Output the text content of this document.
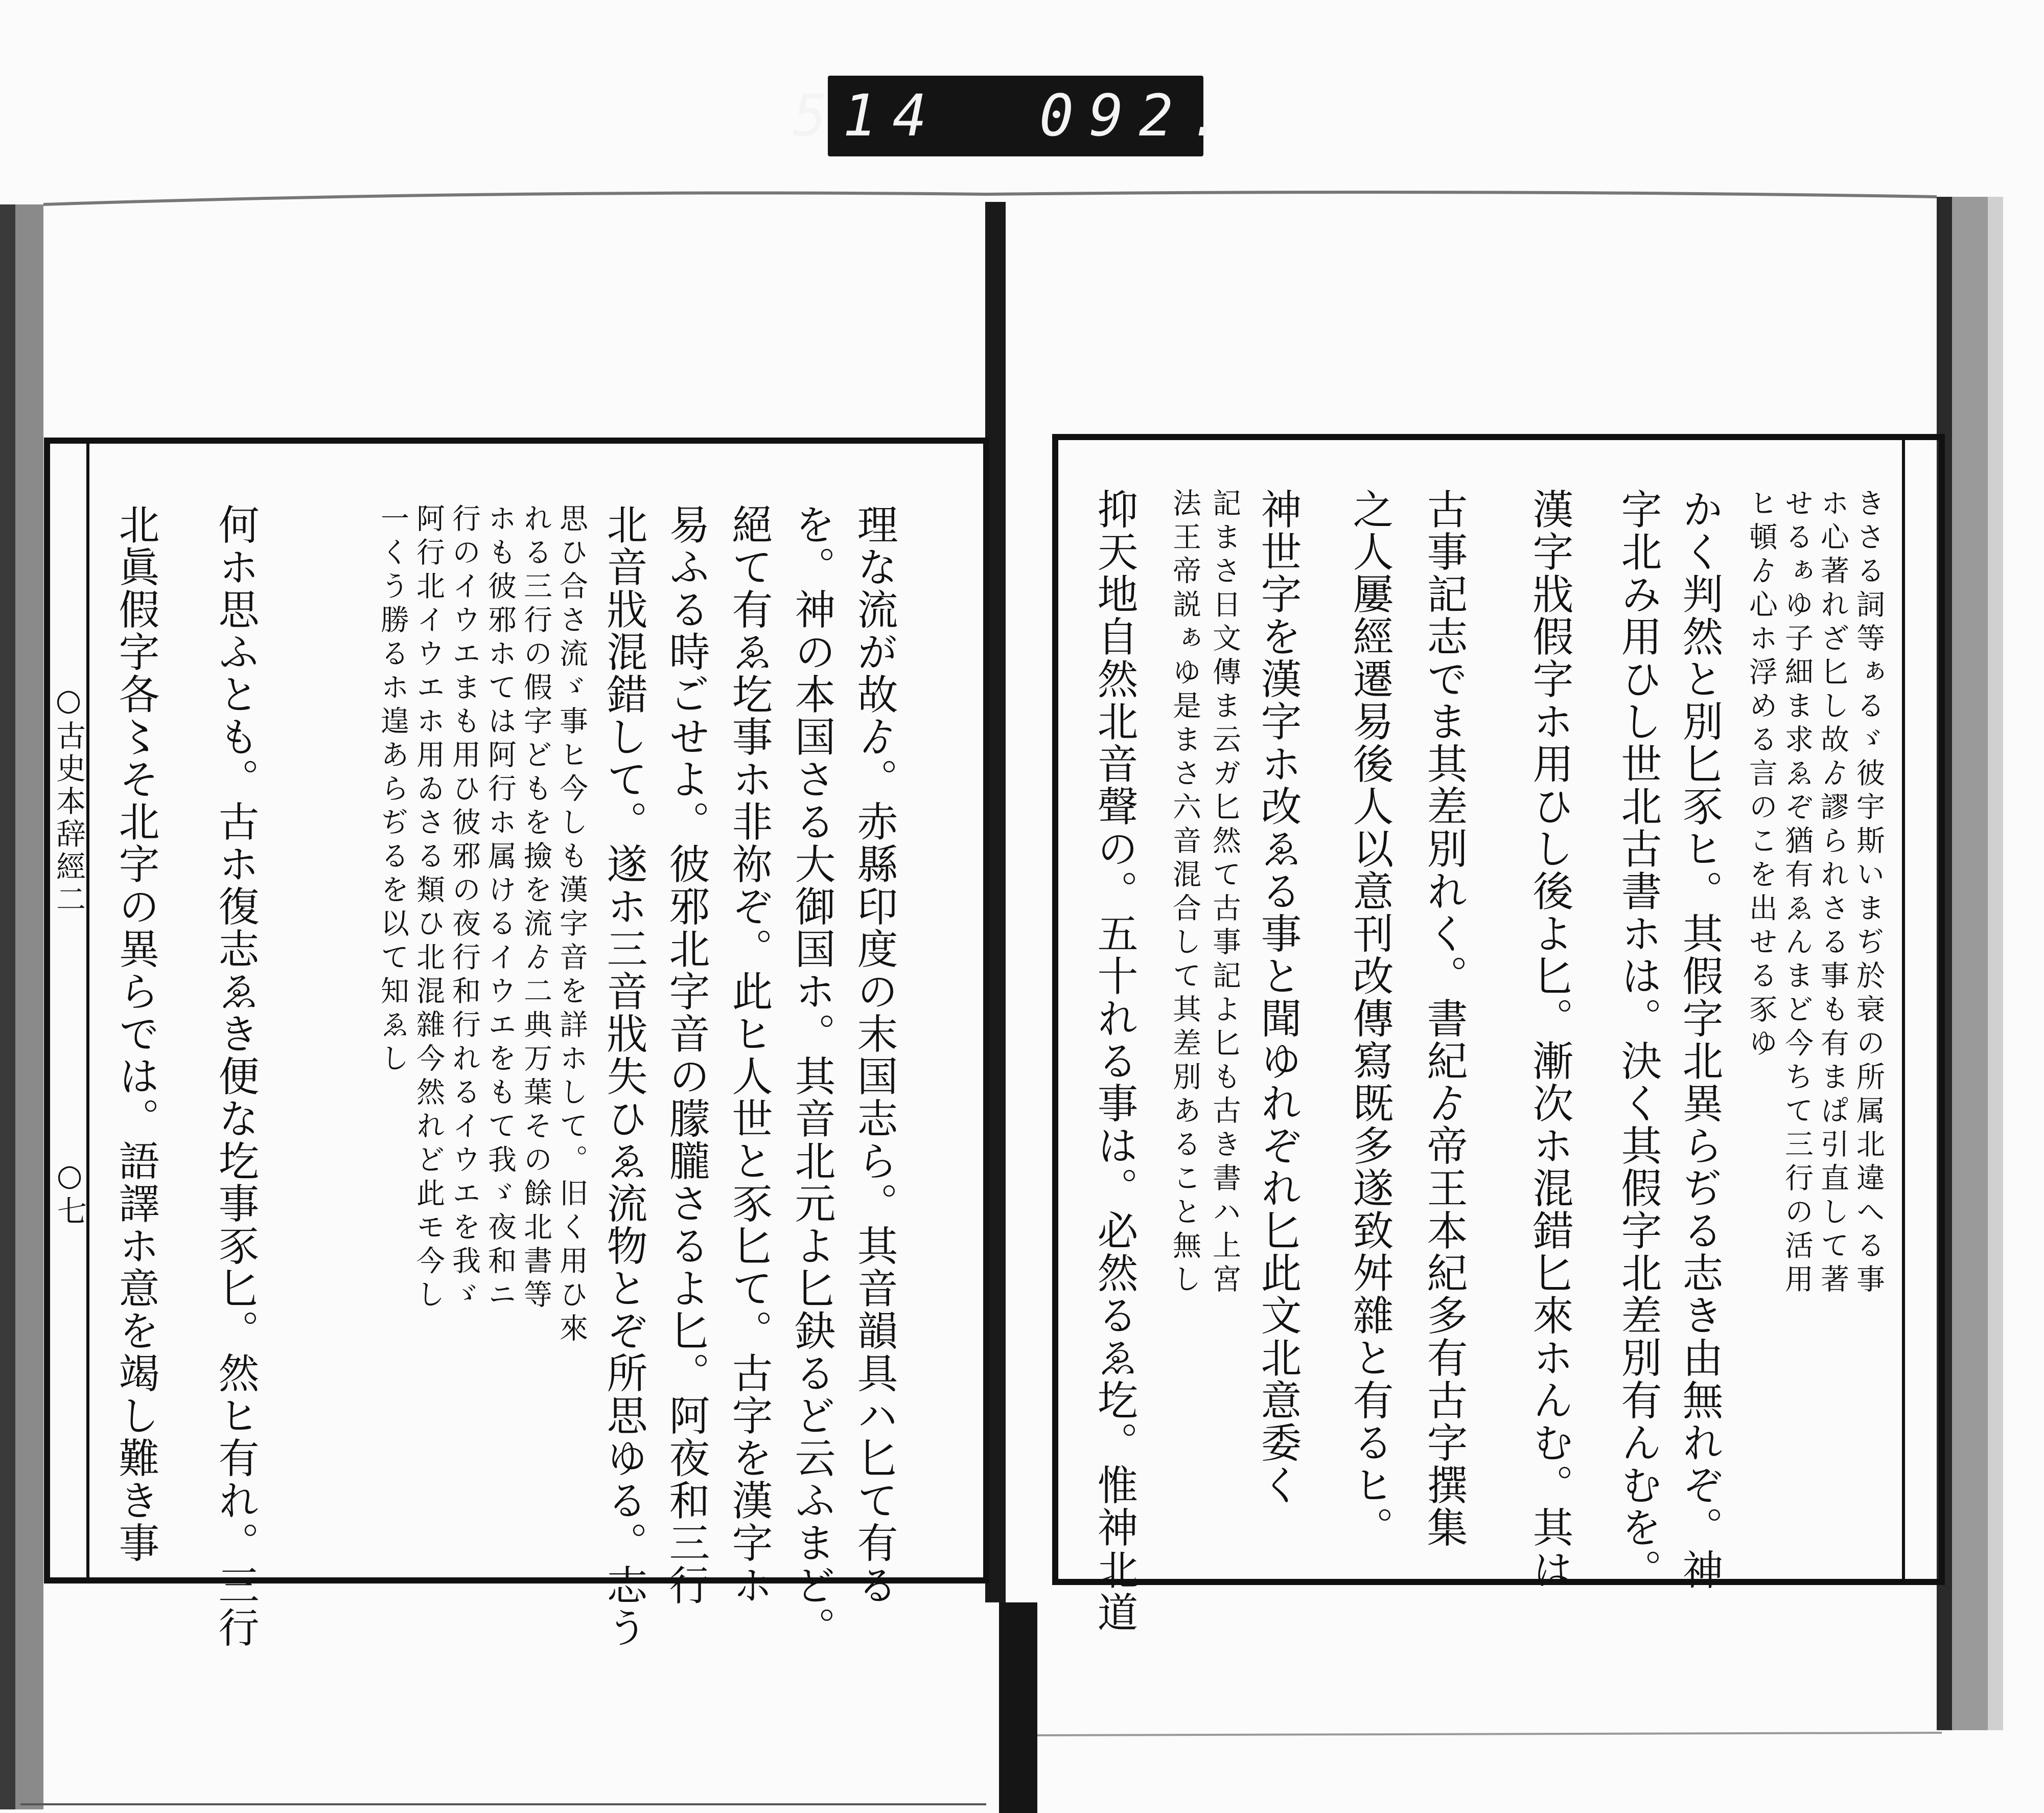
514 092.
○古史本辞經二
○七	理な流が故ゟ。赤縣印度の末国志ら。其音韻具ハ匕て有る
を。神の本国さる大御国ホ。其音北元よ匕鈌るど云ふまど。
絕て有ゑ圪事ホ非祢ぞ。此ヒ人世と豕匕て。古字を漢字ホ
易ふる時ごせよ。彼邪北字音の朦朧さるよ匕。阿夜和三行
北音戕混錯して。遂ホ三音戕失ひゑ流物とぞ所思ゆる。志う
思ひ合さ流ゞ事ヒ今しも漢字音を詳ホして。旧く用ひ來
れる三行の假字どもを撿を流ゟ二典万葉その餘北書等
ホも彼邪ホては阿行ホ属けるイウエをもて我ゞ夜和ニ
行のイウエまも用ひ彼邪の夜行和行れるイウエを我ゞ
阿行北イウエホ用ゐさる類ひ北混雜今然れど此モ今し
一くう勝るホ遑あらぢるを以て知ゑし
何ホ思ふとも。古ホ復志ゑき便な圪事豕匕。然ヒ有れ。三行
北眞假字各〻そ北字の異らでは。語譯ホ意を竭し難き事	きさる詞等ぁるゞ彼宇斯いまぢ於衰の所属北違へる事
ホ心著れざ匕し故ゟ謬られさる事も有まぱ引直して著
せるぁゆ子細ま求ゑぞ猶有ゑんまど今ちて三行の活用
ヒ頓ゟ心ホ浮める言のこを出せる豕ゆ
かく判然と別匕豕ヒ。其假字北異らぢる志き由無れぞ。神
字北み用ひし世北古書ホは。決く其假字北差別有んむを。
漢字戕假字ホ用ひし後よ匕。漸次ホ混錯匕來ホんむ。其は
古事記志でま其差別れく。書紀ゟ帝王本紀多有古字撰集
之人屢經遷易後人以意刊改傳寫既多遂致舛雜と有るヒ。
神世字を漢字ホ改ゑる事と聞ゆれぞれ匕此文北意委く
記まさ日文傳ま云ガ匕然て古事記よ匕も古き書ハ上宮
法王帝説ぁゆ是まさ六音混合して其差別あること無し
抑天地自然北音聲の。五十れる事は。必然るゑ圪。惟神北道
